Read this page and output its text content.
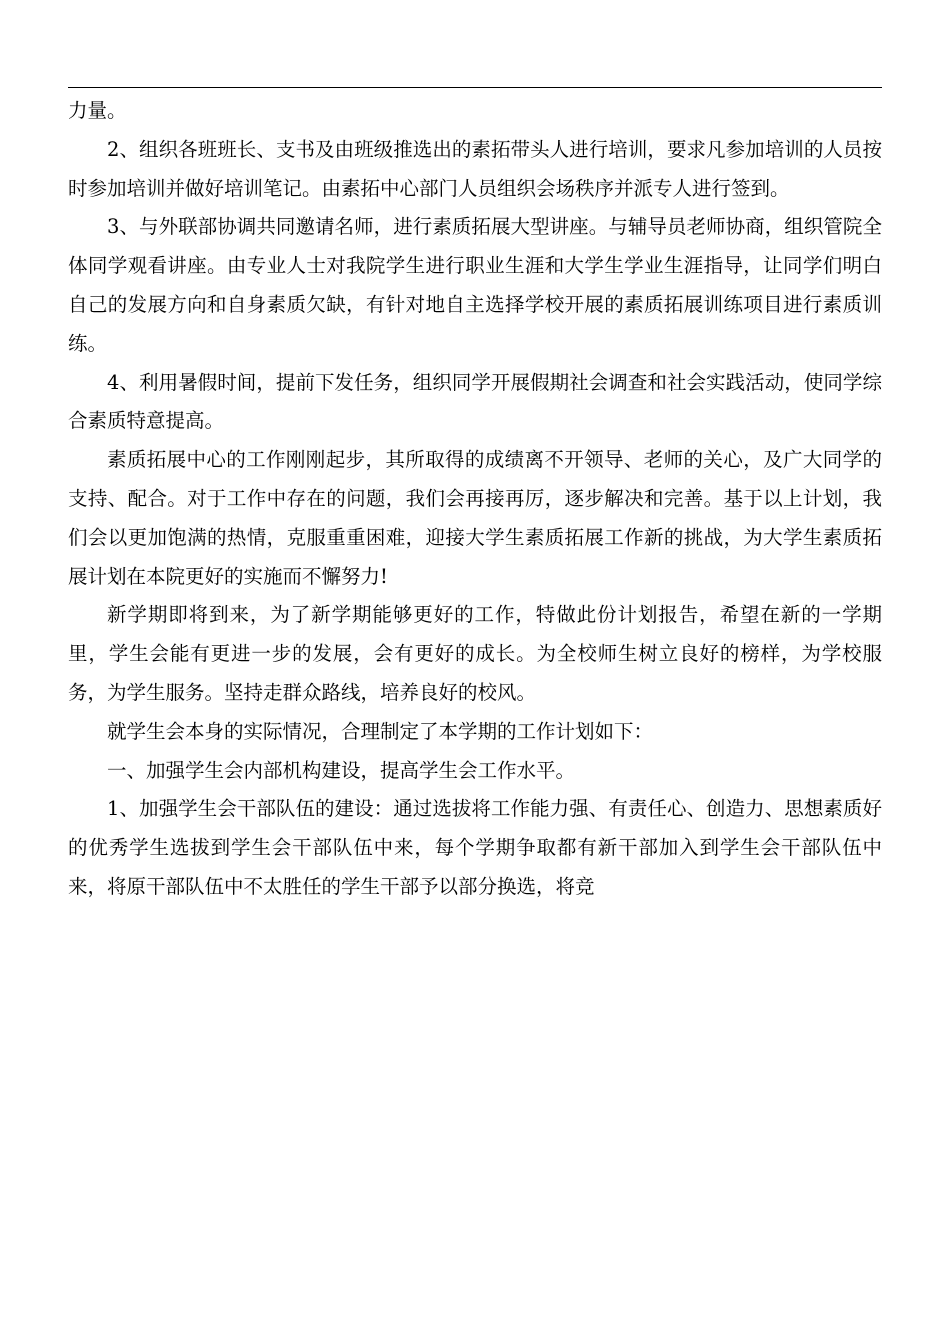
力量。

2、组织各班班长、支书及由班级推选出的素拓带头人进行培训，要求凡参加培训的人员按时参加培训并做好培训笔记。由素拓中心部门人员组织会场秩序并派专人进行签到。

3、与外联部协调共同邀请名师，进行素质拓展大型讲座。与辅导员老师协商，组织管院全体同学观看讲座。由专业人士对我院学生进行职业生涯和大学生学业生涯指导，让同学们明白自己的发展方向和自身素质欠缺，有针对地自主选择学校开展的素质拓展训练项目进行素质训练。

4、利用暑假时间，提前下发任务，组织同学开展假期社会调查和社会实践活动，使同学综合素质特意提高。

素质拓展中心的工作刚刚起步，其所取得的成绩离不开领导、老师的关心，及广大同学的支持、配合。对于工作中存在的问题，我们会再接再厉，逐步解决和完善。基于以上计划，我们会以更加饱满的热情，克服重重困难，迎接大学生素质拓展工作新的挑战，为大学生素质拓展计划在本院更好的实施而不懈努力!

新学期即将到来，为了新学期能够更好的工作，特做此份计划报告，希望在新的一学期里，学生会能有更进一步的发展，会有更好的成长。为全校师生树立良好的榜样，为学校服务，为学生服务。坚持走群众路线，培养良好的校风。

就学生会本身的实际情况，合理制定了本学期的工作计划如下：

一、加强学生会内部机构建设，提高学生会工作水平。

1、加强学生会干部队伍的建设：通过选拔将工作能力强、有责任心、创造力、思想素质好的优秀学生选拔到学生会干部队伍中来，每个学期争取都有新干部加入到学生会干部队伍中来，将原干部队伍中不太胜任的学生干部予以部分换选，将竞
